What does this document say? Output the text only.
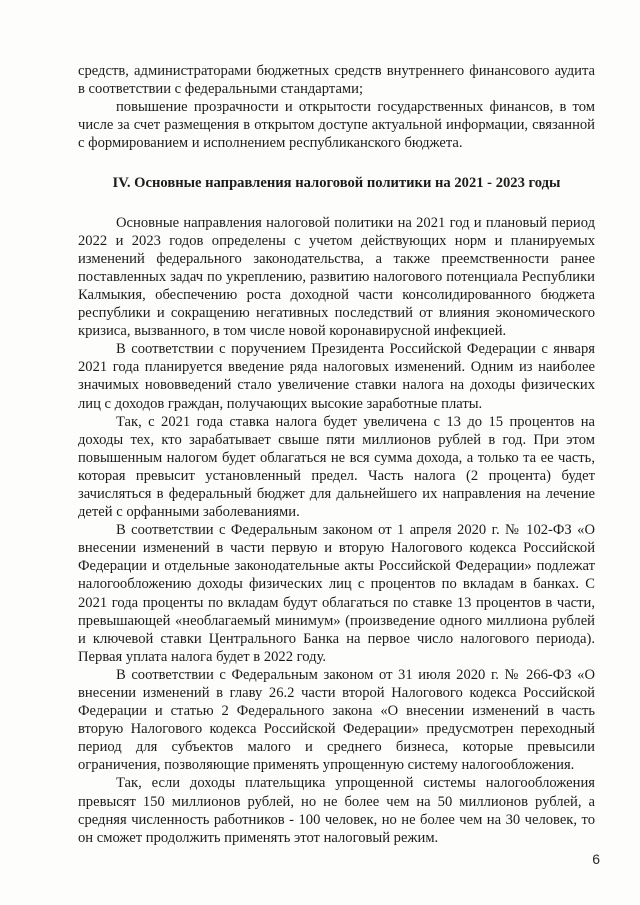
средств, администраторами бюджетных средств внутреннего финансового аудита в соответствии с федеральными стандартами;

повышение прозрачности и открытости государственных финансов, в том числе за счет размещения в открытом доступе актуальной информации, связанной с формированием и исполнением республиканского бюджета.

IV. Основные направления налоговой политики на 2021 - 2023 годы

Основные направления налоговой политики на 2021 год и плановый период 2022 и 2023 годов определены с учетом действующих норм и планируемых изменений федерального законодательства, а также преемственности ранее поставленных задач по укреплению, развитию налогового потенциала Республики Калмыкия, обеспечению роста доходной части консолидированного бюджета республики и сокращению негативных последствий от влияния экономического кризиса, вызванного, в том числе новой коронавирусной инфекцией.

В соответствии с поручением Президента Российской Федерации с января 2021 года планируется введение ряда налоговых изменений. Одним из наиболее значимых нововведений стало увеличение ставки налога на доходы физических лиц с доходов граждан, получающих высокие заработные платы.

Так, с 2021 года ставка налога будет увеличена с 13 до 15 процентов на доходы тех, кто зарабатывает свыше пяти миллионов рублей в год. При этом повышенным налогом будет облагаться не вся сумма дохода, а только та ее часть, которая превысит установленный предел. Часть налога (2 процента) будет зачисляться в федеральный бюджет для дальнейшего их направления на лечение детей с орфанными заболеваниями.

В соответствии с Федеральным законом от 1 апреля 2020 г. № 102-ФЗ «О внесении изменений в части первую и вторую Налогового кодекса Российской Федерации и отдельные законодательные акты Российской Федерации» подлежат налогообложению доходы физических лиц с процентов по вкладам в банках. С 2021 года проценты по вкладам будут облагаться по ставке 13 процентов в части, превышающей «необлагаемый минимум» (произведение одного миллиона рублей и ключевой ставки Центрального Банка на первое число налогового периода). Первая уплата налога будет в 2022 году.

В соответствии с Федеральным законом от 31 июля 2020 г. № 266-ФЗ «О внесении изменений в главу 26.2 части второй Налогового кодекса Российской Федерации и статью 2 Федерального закона «О внесении изменений в часть вторую Налогового кодекса Российской Федерации» предусмотрен переходный период для субъектов малого и среднего бизнеса, которые превысили ограничения, позволяющие применять упрощенную систему налогообложения.

Так, если доходы плательщика упрощенной системы налогообложения превысят 150 миллионов рублей, но не более чем на 50 миллионов рублей, а средняя численность работников - 100 человек, но не более чем на 30 человек, то он сможет продолжить применять этот налоговый режим.

6
